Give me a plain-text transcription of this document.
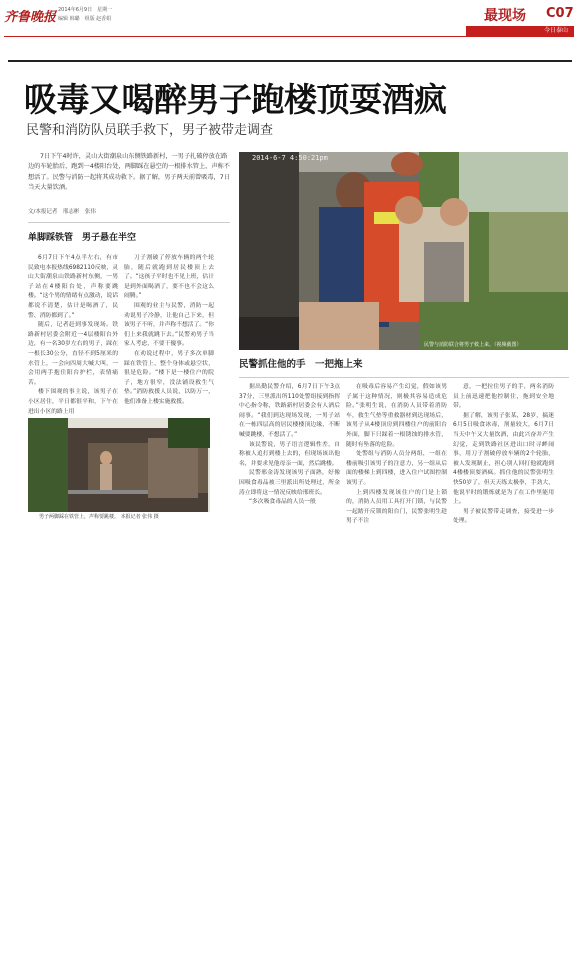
齐鲁晚报 2014年6月9日　星期一
编辑 韩璐　组版 赵香娟	最现场 C07
今日泰山
吸毒又喝醉男子跑楼顶耍酒疯
民警和消防队员联手救下，男子被带走调查
7日下午4时许，灵山大街潮泉山东侧铁路新村，一男子扎破停放在路边的车轮胎后，跑到一4楼阳台处，两脚踩在悬空的一根排水管上，声称不想活了。民警与消防一起将其成功救下。据了解，男子两天前曾吸毒，7日当天大量饮酒。
文/本报记者　邢志彬　张伟
单脚踩铁管　男子悬在半空
2014-6-7 4:50:21pm
民警与消防联合将男子救上来。（视频截图）
民警抓住他的手　一把拖上来

6月7日下午4点半左右，有市民致电本报热线6982110反映，灵山大街潮泉山铁路新村东侧，一男子站在4楼阳台处，声称要跳楼。“这个男的情绪有点激动，说话都说不清楚，估计是喝酒了，民警、消防都到了。”

随后，记者赶到事发现场。铁路新村居委会附近一4层楼阳台外边，有一名30岁左右的男子，踩在一根长30公分，直径不到5厘米的水管上，一会向四周大喊大叫，一会用两手抱住阳台护栏，表情痛苦。

楼下围观的事主说，该男子在小区居住，平日都很平和，下午在进出小区的路上用

刀子割破了停放车辆的两个轮胎，随后就跑到居民楼顶上去了。“这孩子平时也不见上班，估计是到外面喝酒了，要不也不会这么闹腾。”

围观的业主与民警，消防一起劝说男子冷静，让他自己下来，但该男子不听，并声称不想活了。“你们上来我就跳下去。”民警劝男子当家人考虑，不要干傻事。

在劝说过程中，男子多次单脚踩在铁管上，整个身体或悬空状，很是危险。“楼下是一楼住户的院子，地方很窄，没法铺设救生气垫。”消防救援人员说，以防万一，他们准备上楼实施救援。

男子两脚踩在铁管上，声称要跳楼。 本报记者 张伟 摄

据出勤民警介绍，6月7日下午3点37分，三里派出所110处警组接到指挥中心指令称，铁路新村居委会有人酒后闹事。“我们到达现场发现，一男子站在一栋四层高的居民楼楼顶边缘，不断喊要跳楼，不想活了。”

该民警说，男子语言逻辑性差，自称被人追打到楼上去的，但现场该出他名，并要求见他母亲一面，然后跳楼。

民警邢金涛发现该男子面熟，好像因吸食毒品被三里派出所处理过，所金涛立即将这一情况反映给邢班长。

“多次吸食毒品的人员一般

在吸毒后容易产生幻觉，假如该男子属于这种情况，则极其容易造成危险。”张明生说，在消防人员带着消防车，救生气垫等重救器材到达现场后，该男子从4楼顶房到四楼住户的前阳台外面，脚下只踩着一根锈蚀的排水管，随时有坠落的危险。

处警组与消防人员分两组，一组在楼前吸引该男子的注意力，另一组从后面的楼梯上到四楼，进入住户试图控制该男子。

上到四楼发现该住户的门是上锁的，消防人员用工具打开门锁，与民警一起踏开反锁的阳台门，民警张明生趁男子不注

意，一把拉住男子的手，两名消防员上前迅速把他控制住，拖到安全地带。

据了解，该男子张某，28岁，搞迷6月5日吸食冰毒，剂量较大，6月7日当天中午又大量饮酒，由此兴奋并产生幻觉，走到铁路社区进出口时寻衅闹事，用刀子割破停放车辆的2个轮胎，被人发现制止，担心别人回打他就跑到4楼楼顶耍酒疯。抓住他的民警张明生快50岁了，但天天练太极拳，手劲大，他说平时的锻炼就是为了在工作里能用上。

男子被民警带走调查，接受进一步处理。
